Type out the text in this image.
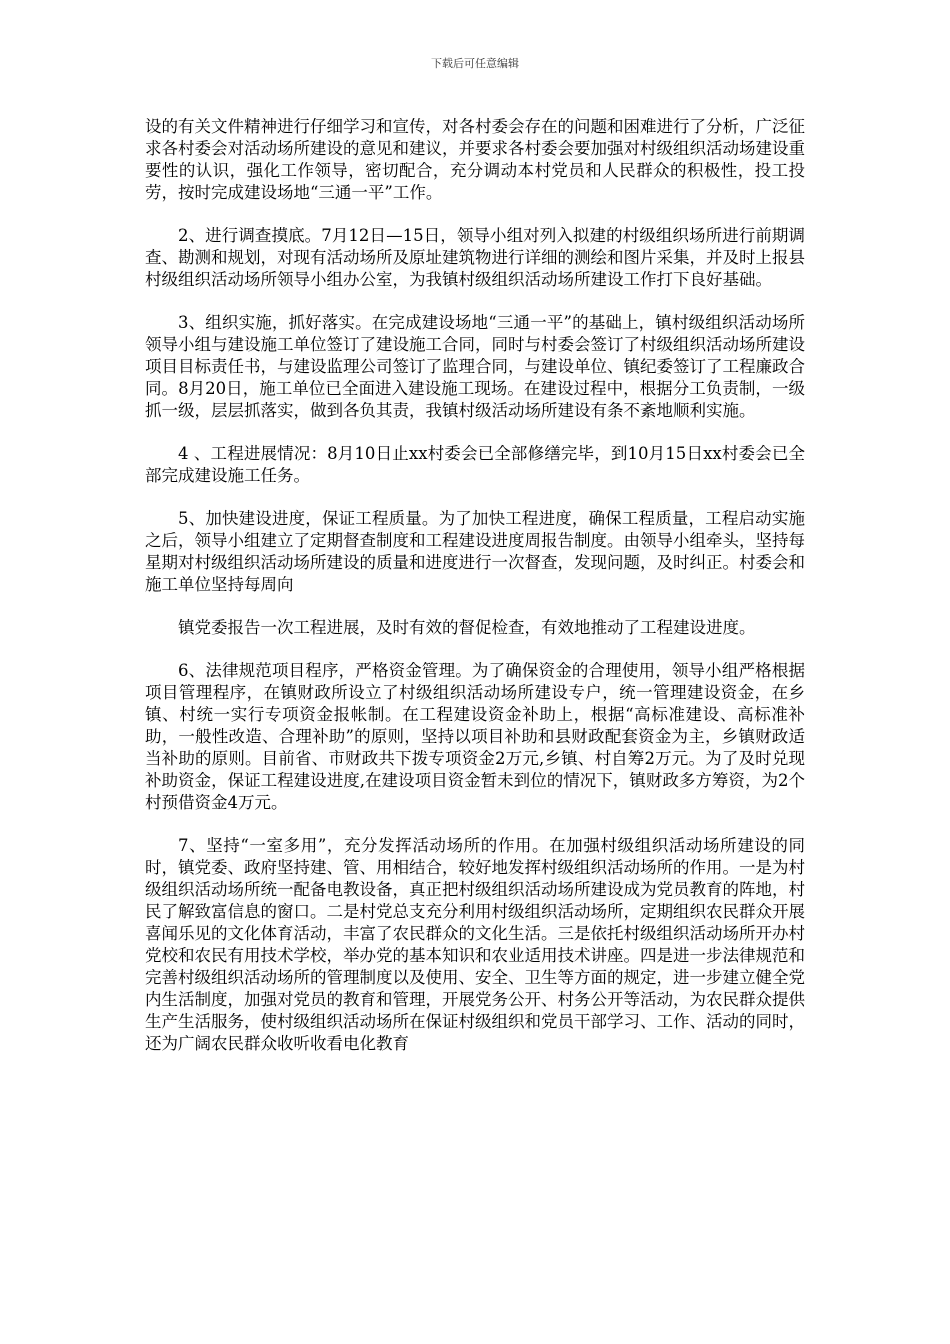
下载后可任意编辑

设的有关文件精神进行仔细学习和宣传，对各村委会存在的问题和困难进行了分析，广泛征求各村委会对活动场所建设的意见和建议，并要求各村委会要加强对村级组织活动场建设重要性的认识，强化工作领导，密切配合，充分调动本村党员和人民群众的积极性，投工投劳，按时完成建设场地“三通一平”工作。

2、进行调查摸底。7月12日—15日，领导小组对列入拟建的村级组织场所进行前期调查、勘测和规划，对现有活动场所及原址建筑物进行详细的测绘和图片采集，并及时上报县村级组织活动场所领导小组办公室，为我镇村级组织活动场所建设工作打下良好基础。

3、组织实施，抓好落实。在完成建设场地“三通一平”的基础上，镇村级组织活动场所领导小组与建设施工单位签订了建设施工合同，同时与村委会签订了村级组织活动场所建设项目目标责任书，与建设监理公司签订了监理合同，与建设单位、镇纪委签订了工程廉政合同。8月20日，施工单位已全面进入建设施工现场。在建设过程中，根据分工负责制，一级抓一级，层层抓落实，做到各负其责，我镇村级活动场所建设有条不紊地顺利实施。

4 、工程进展情况：8月10日止xx村委会已全部修缮完毕，到10月15日xx村委会已全部完成建设施工任务。

5、加快建设进度，保证工程质量。为了加快工程进度，确保工程质量，工程启动实施之后，领导小组建立了定期督查制度和工程建设进度周报告制度。由领导小组牵头，坚持每星期对村级组织活动场所建设的质量和进度进行一次督查，发现问题，及时纠正。村委会和施工单位坚持每周向

镇党委报告一次工程进展，及时有效的督促检查，有效地推动了工程建设进度。

6、法律规范项目程序，严格资金管理。为了确保资金的合理使用，领导小组严格根据项目管理程序，在镇财政所设立了村级组织活动场所建设专户，统一管理建设资金，在乡镇、村统一实行专项资金报帐制。在工程建设资金补助上，根据“高标准建设、高标准补助，一般性改造、合理补助”的原则，坚持以项目补助和县财政配套资金为主，乡镇财政适当补助的原则。目前省、市财政共下拨专项资金2万元,乡镇、村自筹2万元。为了及时兑现补助资金，保证工程建设进度,在建设项目资金暂未到位的情况下，镇财政多方筹资，为2个村预借资金4万元。

7、坚持“一室多用”，充分发挥活动场所的作用。在加强村级组织活动场所建设的同时，镇党委、政府坚持建、管、用相结合，较好地发挥村级组织活动场所的作用。一是为村级组织活动场所统一配备电教设备，真正把村级组织活动场所建设成为党员教育的阵地，村民了解致富信息的窗口。二是村党总支充分利用村级组织活动场所，定期组织农民群众开展喜闻乐见的文化体育活动，丰富了农民群众的文化生活。三是依托村级组织活动场所开办村党校和农民有用技术学校，举办党的基本知识和农业适用技术讲座。四是进一步法律规范和完善村级组织活动场所的管理制度以及使用、安全、卫生等方面的规定，进一步建立健全党内生活制度，加强对党员的教育和管理，开展党务公开、村务公开等活动，为农民群众提供生产生活服务，使村级组织活动场所在保证村级组织和党员干部学习、工作、活动的同时，还为广阔农民群众收听收看电化教育
